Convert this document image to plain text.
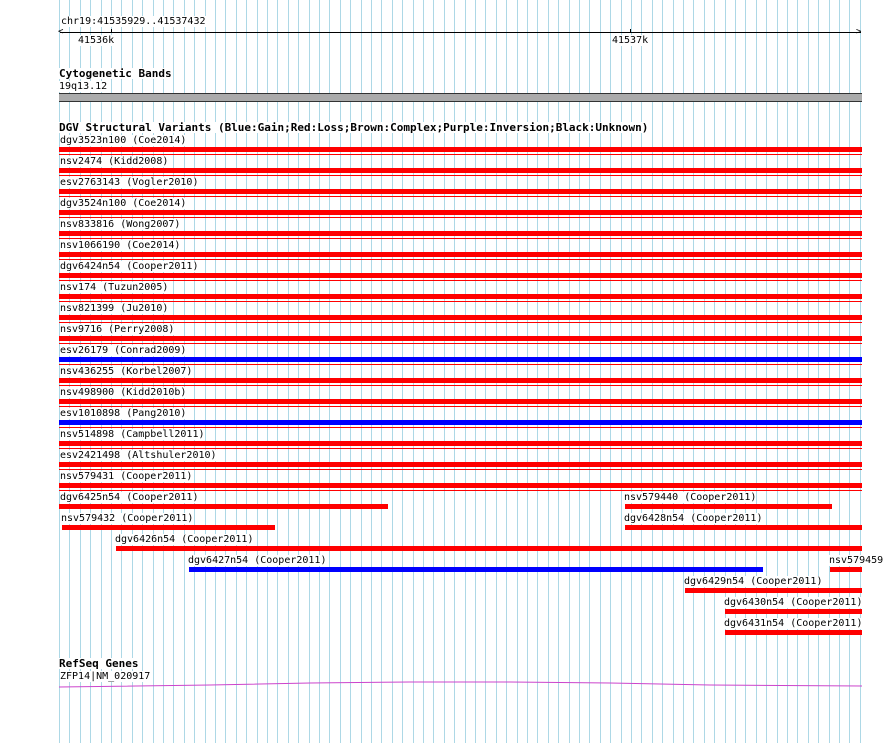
chr19:41535929..41537432
<	>
41536k	41537k
Cytogenetic Bands
19q13.12
DGV Structural Variants (Blue:Gain;Red:Loss;Brown:Complex;Purple:Inversion;Black:Unknown)
dgv3523n100 (Coe2014)
nsv2474 (Kidd2008)
esv2763143 (Vogler2010)
dgv3524n100 (Coe2014)
nsv833816 (Wong2007)
nsv1066190 (Coe2014)
dgv6424n54 (Cooper2011)
nsv174 (Tuzun2005)
nsv821399 (Ju2010)
nsv9716 (Perry2008)
esv26179 (Conrad2009)
nsv436255 (Korbel2007)
nsv498900 (Kidd2010b)
esv1010898 (Pang2010)
nsv514898 (Campbell2011)
esv2421498 (Altshuler2010)
nsv579431 (Cooper2011)
dgv6425n54 (Cooper2011)	nsv579440 (Cooper2011)
nsv579432 (Cooper2011)	dgv6428n54 (Cooper2011)
dgv6426n54 (Cooper2011)
dgv6427n54 (Cooper2011)	nsv579459
dgv6429n54 (Cooper2011)
dgv6430n54 (Cooper2011)
dgv6431n54 (Cooper2011)
RefSeq Genes
ZFP14|NM_020917
